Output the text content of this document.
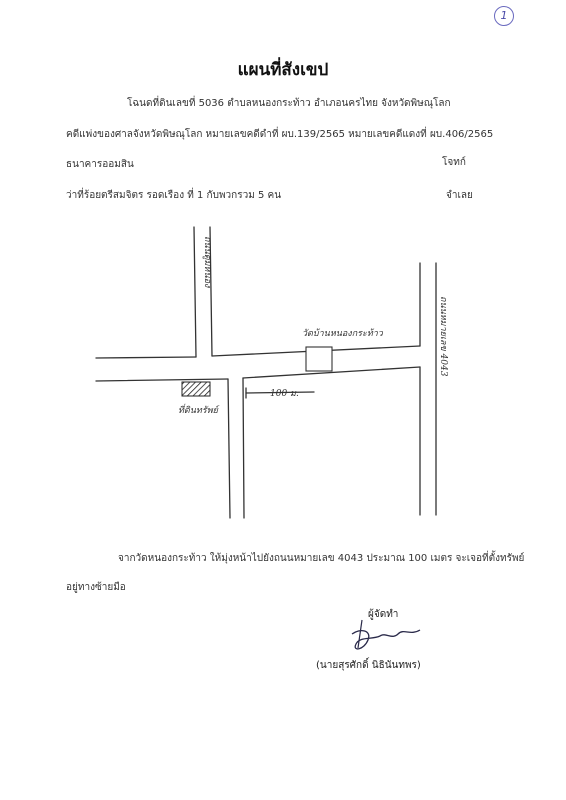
1
แผนที่สังเขป
โฉนดที่ดินเลขที่ 5036 ตำบลหนองกระท้าว อำเภอนครไทย จังหวัดพิษณุโลก
คดีแพ่งของศาลจังหวัดพิษณุโลก หมายเลขคดีดำที่ ผบ.139/2565 หมายเลขคดีแดงที่ ผบ.406/2565
ธนาคารออมสิน	โจทก์
ว่าที่ร้อยตรีสมจิตร รอดเรือง ที่ 1 กับพวกรวม 5 คน	จำเลย
ถนนตูมหนอง
ถนนหมายเลข 4043
วัดบ้านหนองกระท้าว
ที่ดินทรัพย์
100 ม.
จากวัดหนองกระท้าว ให้มุ่งหน้าไปยังถนนหมายเลข 4043 ประมาณ 100 เมตร จะเจอที่ตั้งทรัพย์
อยู่ทางซ้ายมือ
ผู้จัดทำ
(นายสุรศักดิ์ นิธินันทพร)
